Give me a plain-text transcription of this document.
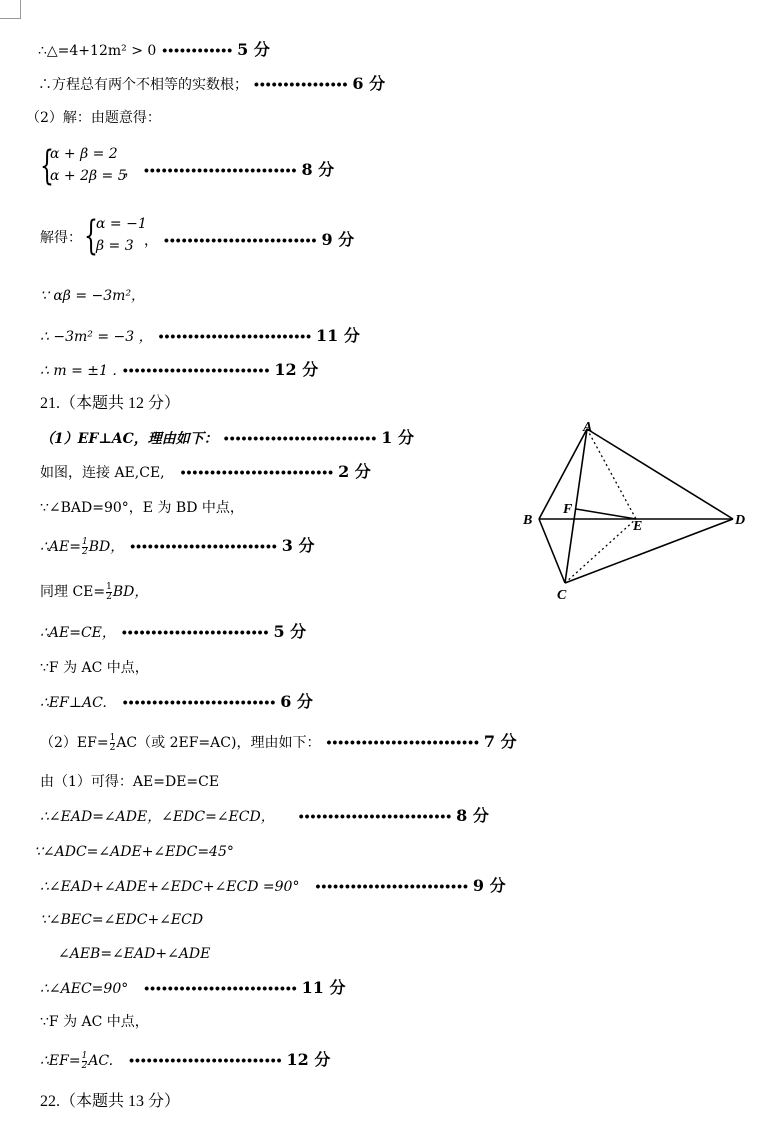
∴△=4+12m² > 0 •••••••••••• 5 分
∴方程总有两个不相等的实数根； •••••••••••••••• 6 分
（2）解：由题意得：
{
α + β = 2
α + 2β = 5
， •••••••••••••••••••••••••• 8 分
解得： {
α = −1
β = 3 ， •••••••••••••••••••••••••• 9 分
∵ αβ = −3m²，
∴ −3m² = −3 ， •••••••••••••••••••••••••• 11 分
∴ m = ±1 . ••••••••••••••••••••••••• 12 分
21.（本题共 12 分）
（1）EF⊥AC，理由如下： •••••••••••••••••••••••••• 1 分
如图，连接 AE,CE, •••••••••••••••••••••••••• 2 分
∵∠BAD=90°，E 为 BD 中点，
∴AE= $\frac{1}{2}$ BD， ••••••••••••••••••••••••• 3 分
同理 $CE= \frac{1}{2}$ BD，
∴AE=CE， ••••••••••••••••••••••••• 5 分
∵F 为 AC 中点，
∴EF⊥AC. •••••••••••••••••••••••••• 6 分
$(2)EF= \frac{1}{2} AC$（或 2EF=AC)，理由如下： •••••••••••••••••••••••••• 7 分
由（1）可得：AE=DE=CE
∴∠EAD=∠ADE，∠EDC=∠ECD， •••••••••••••••••••••••••• 8 分
∵∠ADC=∠ADE+∠EDC=45°
∴∠EAD+∠ADE+∠EDC+∠ECD =90° •••••••••••••••••••••••••• 9 分
∵∠BEC=∠EDC+∠ECD
∠AEB=∠EAD+∠ADE
∴∠AEC=90° •••••••••••••••••••••••••• 11 分
∵F 为 AC 中点，
∴EF= $\frac{1}{2}$ AC. •••••••••••••••••••••••••• 12 分
22.（本题共 13 分）
A
B
C
D
E
F
